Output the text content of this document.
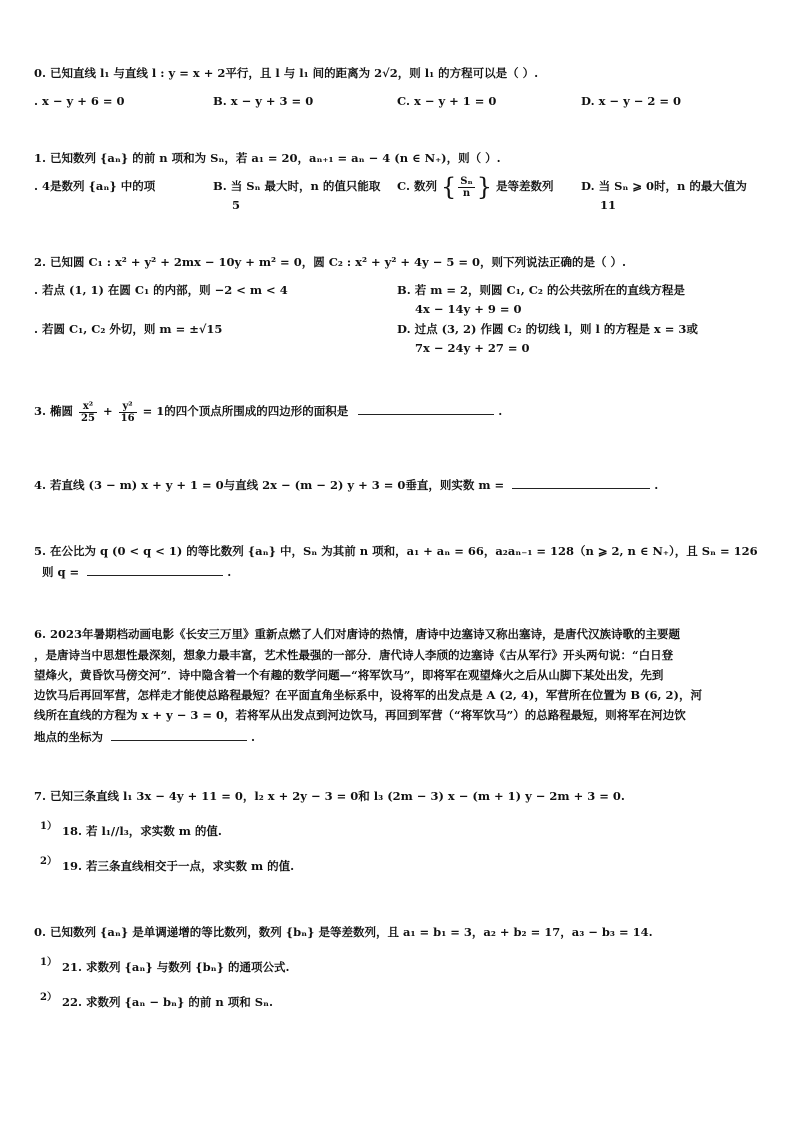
0. 已知直线 l₁ 与直线 l : y = x + 2平行，且 l 与 l₁ 间的距离为 2√2，则 l₁ 的方程可以是（ ）.
. x − y + 6 = 0	B. x − y + 3 = 0	C. x − y + 1 = 0	D. x − y − 2 = 0
1. 已知数列 {aₙ} 的前 n 项和为 Sₙ，若 a₁ = 20，aₙ₊₁ = aₙ − 4 (n ∈ N₊)，则（ ）.
. 4是数列 {aₙ} 中的项	B. 当 Sₙ 最大时，n 的值只能取
5
C. 数列 { $\frac{\text{Sₙ}}{n}$ } 是等差数列 D. 当 Sₙ ⩾ 0时，n 的最大值为
11
2. 已知圆 C₁ : x² + y² + 2mx − 10y + m² = 0，圆 C₂ : x² + y² + 4y − 5 = 0，则下列说法正确的是（ ）.
. 若点 (1, 1) 在圆 C₁ 的内部，则 −2 < m < 4	B. 若 m = 2，则圆 C₁, C₂ 的公共弦所在的直线方程是
4x − 14y + 9 = 0
. 若圆 C₁, C₂ 外切，则 m = ±√15	D. 过点 (3, 2) 作圆 C₂ 的切线 l，则 l 的方程是 x = 3或
7x − 24y + 27 = 0
3. 椭圆 $\frac{\text{x²}}{25} + \frac{\text{y²}}{16} = 1$的四个顶点所围成的四边形的面积是	.
4. 若直线 (3 − m) x + y + 1 = 0与直线 2x − (m − 2) y + 3 = 0垂直，则实数 m =	.
5. 在公比为 q (0 < q < 1) 的等比数列 {aₙ} 中，Sₙ 为其前 n 项和，a₁ + aₙ = 66，a₂aₙ₋₁ = 128（n ⩾ 2, n ∈ N₊），且 Sₙ = 126
则 q =	.
6. 2023年暑期档动画电影《长安三万里》重新点燃了人们对唐诗的热情，唐诗中边塞诗又称出塞诗，是唐代汉族诗歌的主要题
，是唐诗当中思想性最深刻，想象力最丰富，艺术性最强的一部分．唐代诗人李颀的边塞诗《古从军行》开头两句说：“白日登
望烽火，黄昏饮马傍交河”．诗中隐含着一个有趣的数学问题—“将军饮马”，即将军在观望烽火之后从山脚下某处出发，先到
边饮马后再回军营，怎样走才能使总路程最短？在平面直角坐标系中，设将军的出发点是 A (2, 4)，军营所在位置为 B (6, 2)，河
线所在直线的方程为 x + y − 3 = 0，若将军从出发点到河边饮马，再回到军营（“将军饮马”）的总路程最短，则将军在河边饮
地点的坐标为	.
7. 已知三条直线 l₁ 3x − 4y + 11 = 0，l₂ x + 2y − 3 = 0和 l₃ (2m − 3) x − (m + 1) y − 2m + 3 = 0.
1） 18. 若 l₁//l₃，求实数 m 的值.
2） 19. 若三条直线相交于一点，求实数 m 的值.
0. 已知数列 {aₙ} 是单调递增的等比数列，数列 {bₙ} 是等差数列，且 a₁ = b₁ = 3，a₂ + b₂ = 17，a₃ − b₃ = 14.
1） 21. 求数列 {aₙ} 与数列 {bₙ} 的通项公式.
2） 22. 求数列 {aₙ − bₙ} 的前 n 项和 Sₙ.
